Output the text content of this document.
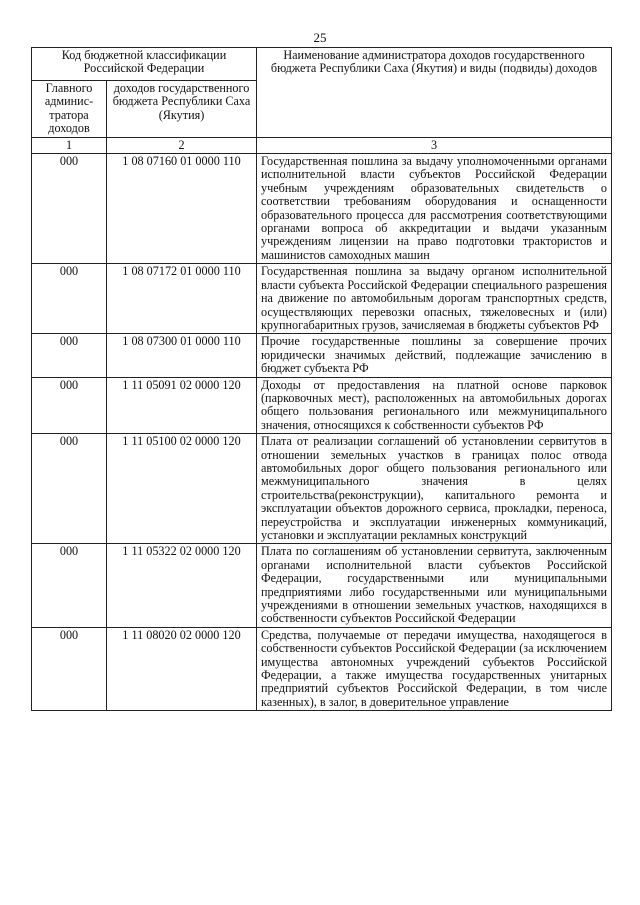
25
Код бюджетной классификации Российской Федерации		Наименование администратора доходов государственного бюджета Республики Саха (Якутия) и виды (подвиды) доходов
Главного админис-тратора доходов	доходов государственного бюджета Республики Саха (Якутия)	
1	2	3
000	1 08 07160 01 0000 110	Государственная пошлина за выдачу уполномоченными органами исполнительной власти субъектов Российской Федерации учебным учреждениям образовательных свидетельств о соответствии требованиям оборудования и оснащенности образовательного процесса для рассмотрения соответствующими органами вопроса об аккредитации и выдачи указанным учреждениям лицензии на право подготовки трактористов и машинистов самоходных машин
000	1 08 07172 01 0000 110	Государственная пошлина за выдачу органом исполнительной власти субъекта Российской Федерации специального разрешения на движение по автомобильным дорогам транспортных средств, осуществляющих перевозки опасных, тяжеловесных и (или) крупногабаритных грузов, зачисляемая в бюджеты субъектов РФ
000	1 08 07300 01 0000 110	Прочие государственные пошлины за совершение прочих юридически значимых действий, подлежащие зачислению в бюджет субъекта РФ
000	1 11 05091 02 0000 120	Доходы от предоставления на платной основе парковок (парковочных мест), расположенных на автомобильных дорогах общего пользования регионального или межмуниципального значения, относящихся к собственности субъектов РФ
000	1 11 05100 02 0000 120	Плата от реализации соглашений об установлении сервитутов в отношении земельных участков в границах полос отвода автомобильных дорог общего пользования регионального или межмуниципального значения в целях строительства(реконструкции), капитального ремонта и эксплуатации объектов дорожного сервиса, прокладки, переноса, переустройства и эксплуатации инженерных коммуникаций, установки и эксплуатации рекламных конструкций
000	1 11 05322 02 0000 120	Плата по соглашениям об установлении сервитута, заключенным органами исполнительной власти субъектов Российской Федерации, государственными или муниципальными предприятиями либо государственными или муниципальными учреждениями в отношении земельных участков, находящихся в собственности субъектов Российской Федерации
000	1 11 08020 02 0000 120	Средства, получаемые от передачи имущества, находящегося в собственности субъектов Российской Федерации (за исключением имущества автономных учреждений субъектов Российской Федерации, а также имущества государственных унитарных предприятий субъектов Российской Федерации, в том числе казенных), в залог, в доверительное управление
